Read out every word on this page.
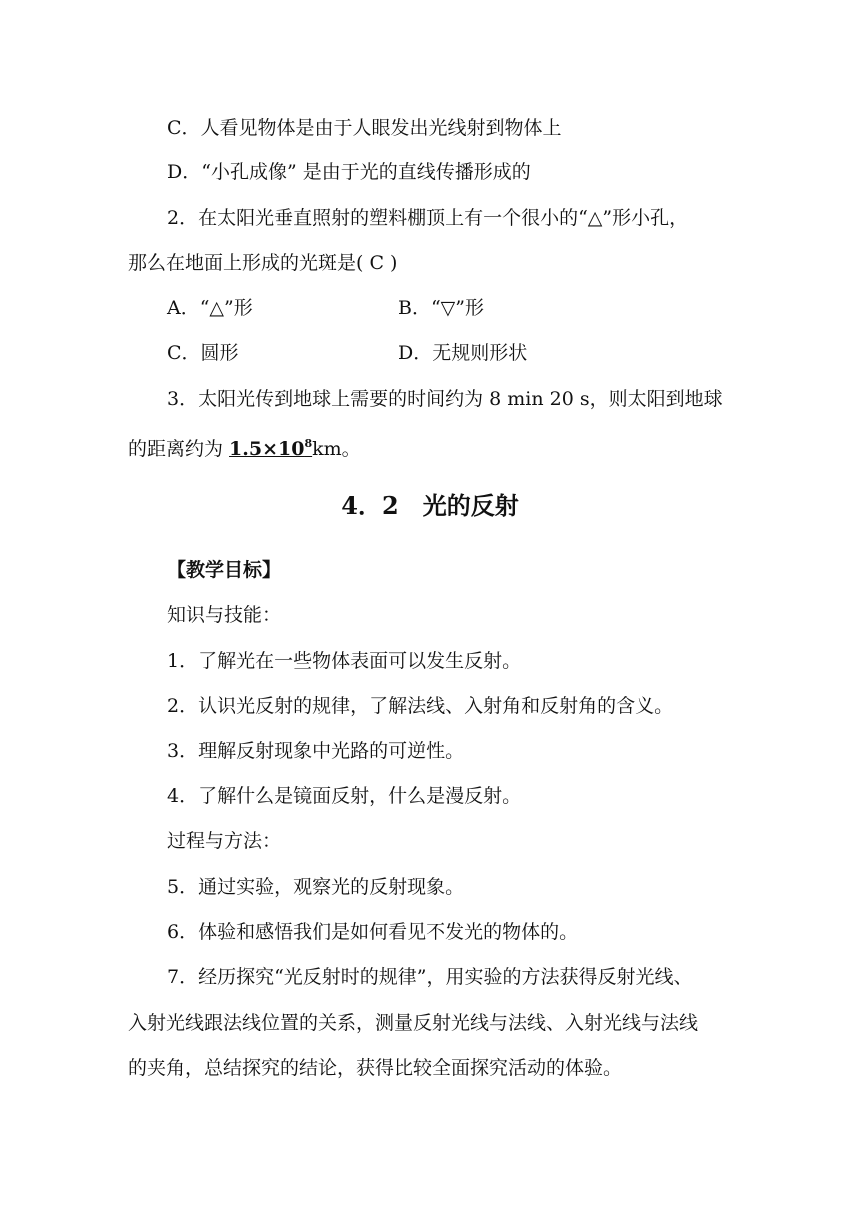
C．人看见物体是由于人眼发出光线射到物体上
D．“小孔成像” 是由于光的直线传播形成的
2．在太阳光垂直照射的塑料棚顶上有一个很小的“△”形小孔，
那么在地面上形成的光斑是( C )
A．“△”形	B．“▽”形
C．圆形	D．无规则形状
3．太阳光传到地球上需要的时间约为 8 min 20 s，则太阳到地球
的距离约为 $1.5\times 10^8km$。
4．2　光的反射
【教学目标】
知识与技能：
1．了解光在一些物体表面可以发生反射。
2．认识光反射的规律，了解法线、入射角和反射角的含义。
3．理解反射现象中光路的可逆性。
4．了解什么是镜面反射，什么是漫反射。
过程与方法：
5．通过实验，观察光的反射现象。
6．体验和感悟我们是如何看见不发光的物体的。
7．经历探究“光反射时的规律”，用实验的方法获得反射光线、
入射光线跟法线位置的关系，测量反射光线与法线、入射光线与法线
的夹角，总结探究的结论，获得比较全面探究活动的体验。
